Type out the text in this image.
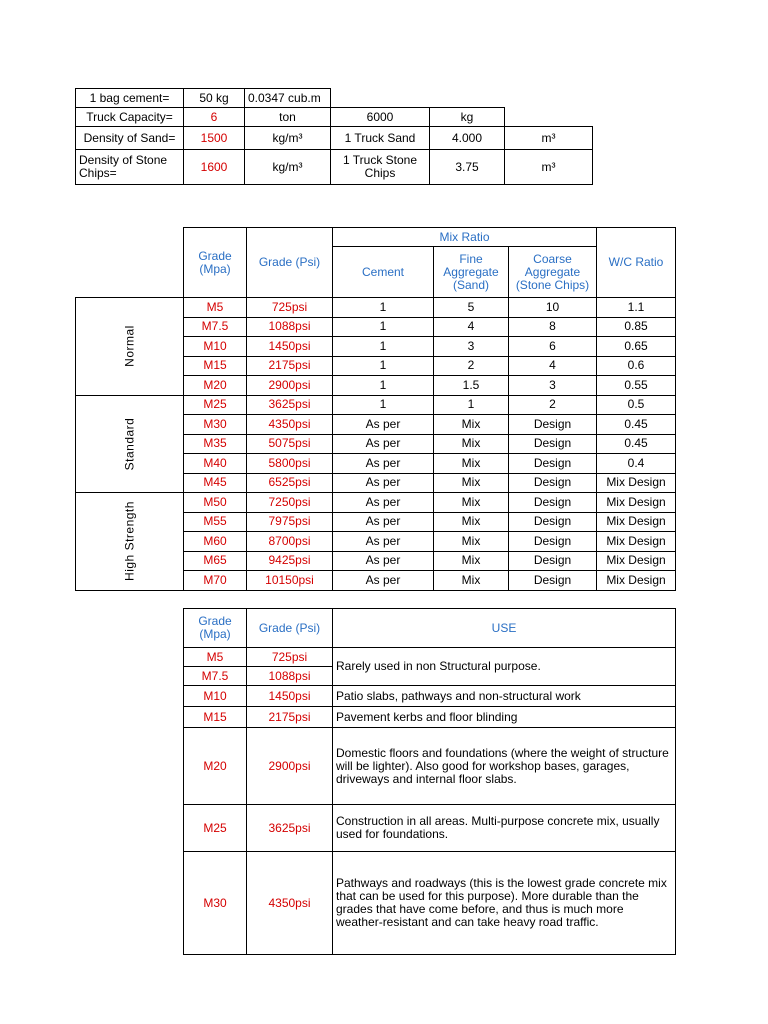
1 bag cement=	50 kg	0.0347 cub.m			
Truck Capacity=	6	ton	6000	kg	
Density of Sand=	1500	kg/m³	1 Truck Sand	4.000	m³
Density of Stone Chips=	1600	kg/m³	1 Truck Stone Chips	3.75	m³
	Grade (Mpa)	Grade (Psi)	Mix Ratio			W/C Ratio
			Cement	Fine Aggregate (Sand)	Coarse Aggregate (Stone Chips)	

Normal	M5	725psi	1	5	10	1.1
	M7.5	1088psi	1	4	8	0.85
	M10	1450psi	1	3	6	0.65
	M15	2175psi	1	2	4	0.6
	M20	2900psi	1	1.5	3	0.55

Standard	M25	3625psi	1	1	2	0.5
	M30	4350psi	As per	Mix	Design	0.45
	M35	5075psi	As per	Mix	Design	0.45
	M40	5800psi	As per	Mix	Design	0.4
	M45	6525psi	As per	Mix	Design	Mix Design

High Strength	M50	7250psi	As per	Mix	Design	Mix Design
	M55	7975psi	As per	Mix	Design	Mix Design
	M60	8700psi	As per	Mix	Design	Mix Design
	M65	9425psi	As per	Mix	Design	Mix Design
	M70	10150psi	As per	Mix	Design	Mix Design
Grade (Mpa)	Grade (Psi)	USE
M5	725psi	Rarely used in non Structural purpose.
M7.5	1088psi	
M10	1450psi	Patio slabs, pathways and non-structural work
M15	2175psi	Pavement kerbs and floor blinding
M20	2900psi	Domestic floors and foundations (where the weight of structure will be lighter). Also good for workshop bases, garages, driveways and internal floor slabs.
M25	3625psi	Construction in all areas. Multi-purpose concrete mix, usually used for foundations.
M30	4350psi	Pathways and roadways (this is the lowest grade concrete mix that can be used for this purpose). More durable than the grades that have come before, and thus is much more weather-resistant and can take heavy road traffic.
